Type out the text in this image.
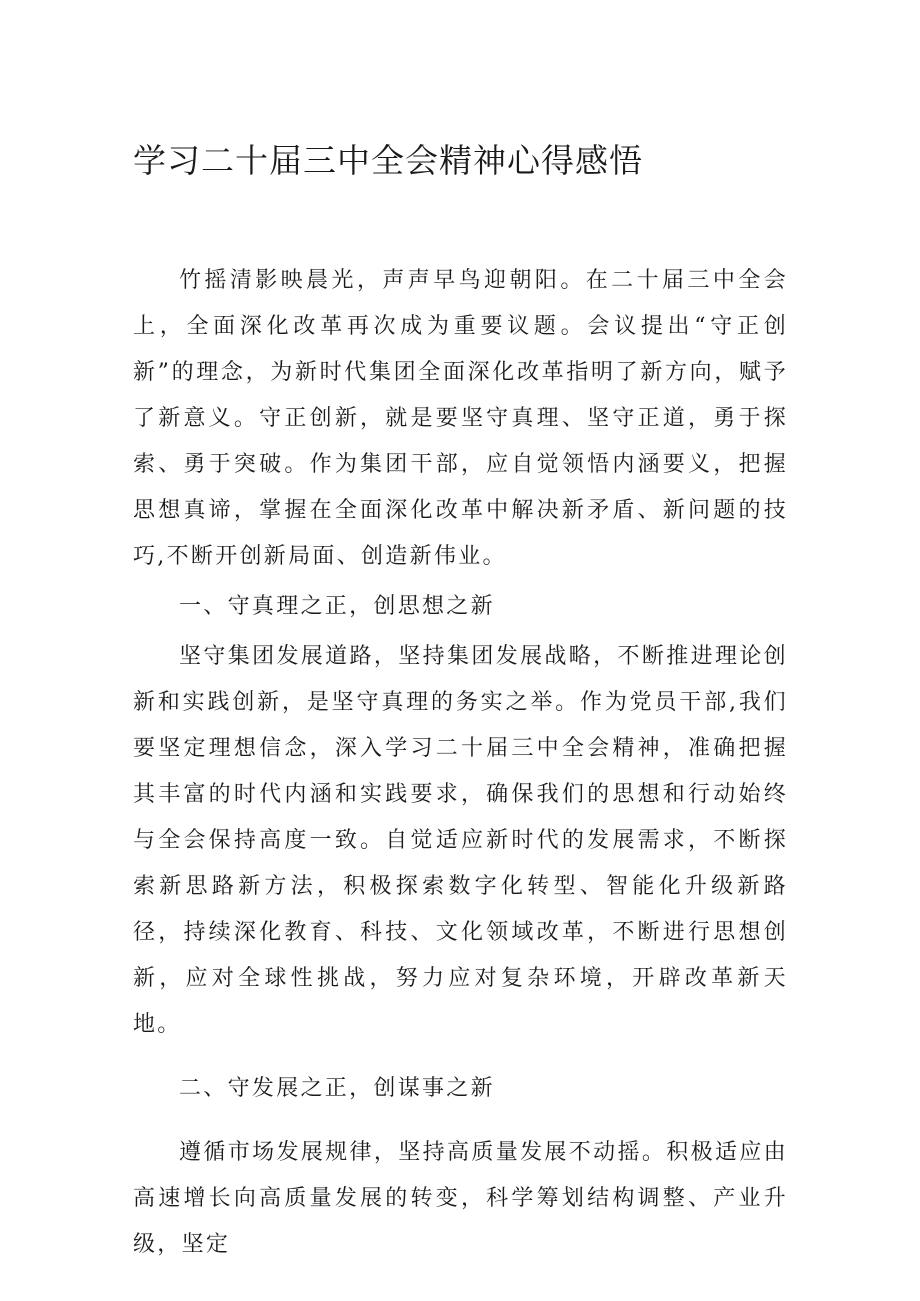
学习二十届三中全会精神心得感悟

竹摇清影映晨光，声声早鸟迎朝阳。在二十届三中全会上，全面深化改革再次成为重要议题。会议提出“守正创新”的理念，为新时代集团全面深化改革指明了新方向，赋予了新意义。守正创新，就是要坚守真理、坚守正道，勇于探索、勇于突破。作为集团干部，应自觉领悟内涵要义，把握思想真谛，掌握在全面深化改革中解决新矛盾、新问题的技巧,不断开创新局面、创造新伟业。

一、守真理之正，创思想之新

坚守集团发展道路，坚持集团发展战略，不断推进理论创新和实践创新，是坚守真理的务实之举。作为党员干部,我们要坚定理想信念，深入学习二十届三中全会精神，准确把握其丰富的时代内涵和实践要求，确保我们的思想和行动始终与全会保持高度一致。自觉适应新时代的发展需求，不断探索新思路新方法，积极探索数字化转型、智能化升级新路径，持续深化教育、科技、文化领域改革，不断进行思想创新，应对全球性挑战，努力应对复杂环境，开辟改革新天地。

二、守发展之正，创谋事之新

遵循市场发展规律，坚持高质量发展不动摇。积极适应由高速增长向高质量发展的转变，科学筹划结构调整、产业升级，坚定
